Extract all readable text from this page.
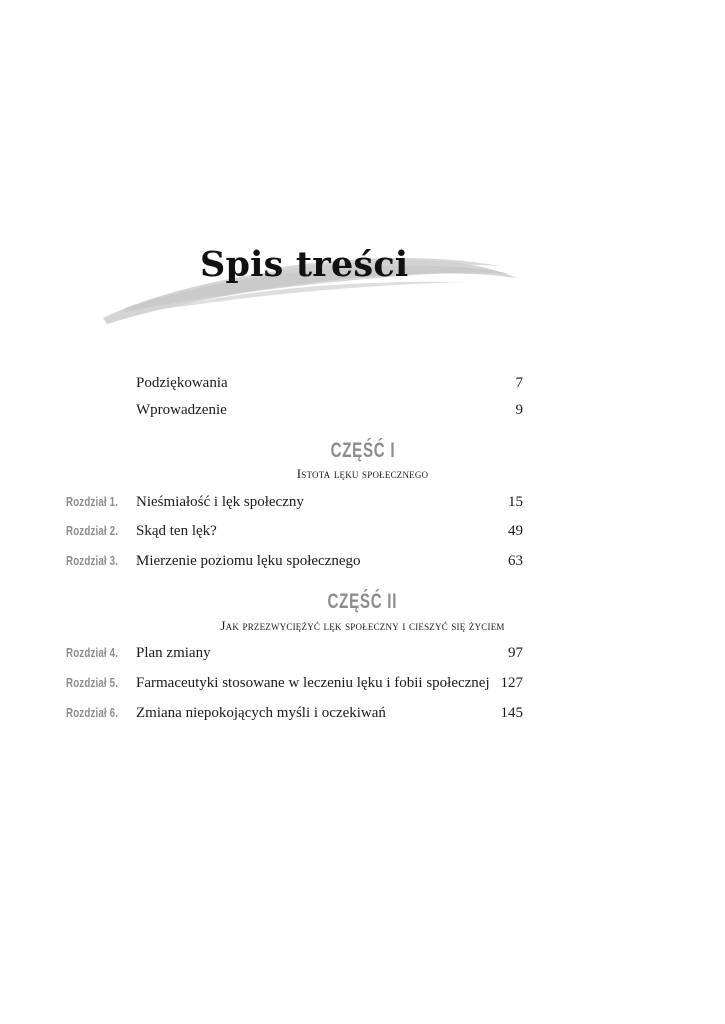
Spis treści
Podziękowania	7
Wprowadzenie	9
CZĘŚĆ I
Istota lęku społecznego
Rozdział 1. Nieśmiałość i lęk społeczny	15
Rozdział 2. Skąd ten lęk?	49
Rozdział 3. Mierzenie poziomu lęku społecznego	63
CZĘŚĆ II
Jak przezwyciężyć lęk społeczny i cieszyć się życiem
Rozdział 4. Plan zmiany	97
Rozdział 5. Farmaceutyki stosowane w leczeniu lęku i fobii społecznej 127
Rozdział 6. Zmiana niepokojących myśli i oczekiwań	145
